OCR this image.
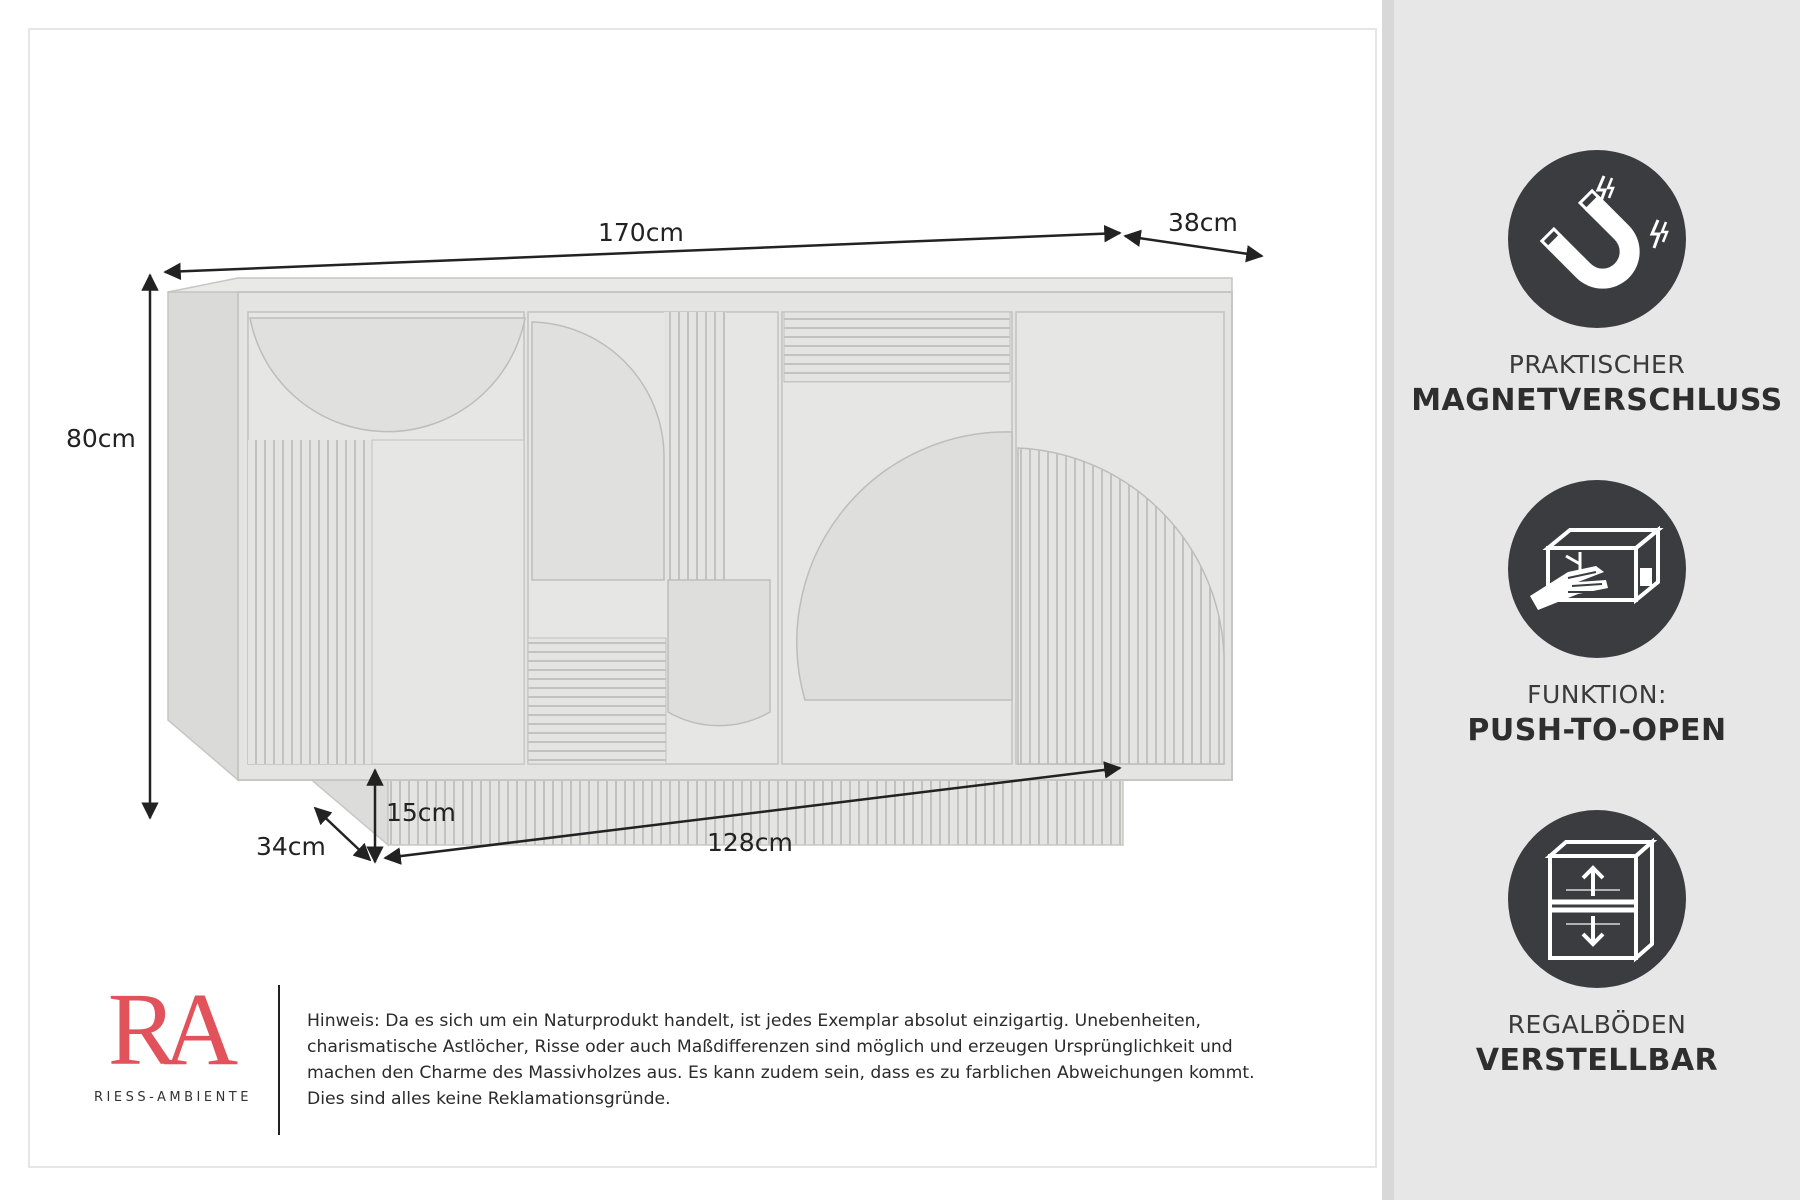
170cm	38cm
80cm
15cm
34cm	128cm
PRAKTISCHER
MAGNETVERSCHLUSS
FUNKTION:
PUSH-TO-OPEN
REGALBÖDEN
VERSTELLBAR
RA
RIESS-AMBIENTE
Hinweis: Da es sich um ein Naturprodukt handelt, ist jedes Exemplar absolut einzigartig. Unebenheiten,
charismatische Astlöcher, Risse oder auch Maßdifferenzen sind möglich und erzeugen Ursprünglichkeit und
machen den Charme des Massivholzes aus. Es kann zudem sein, dass es zu farblichen Abweichungen kommt.
Dies sind alles keine Reklamationsgründe.
